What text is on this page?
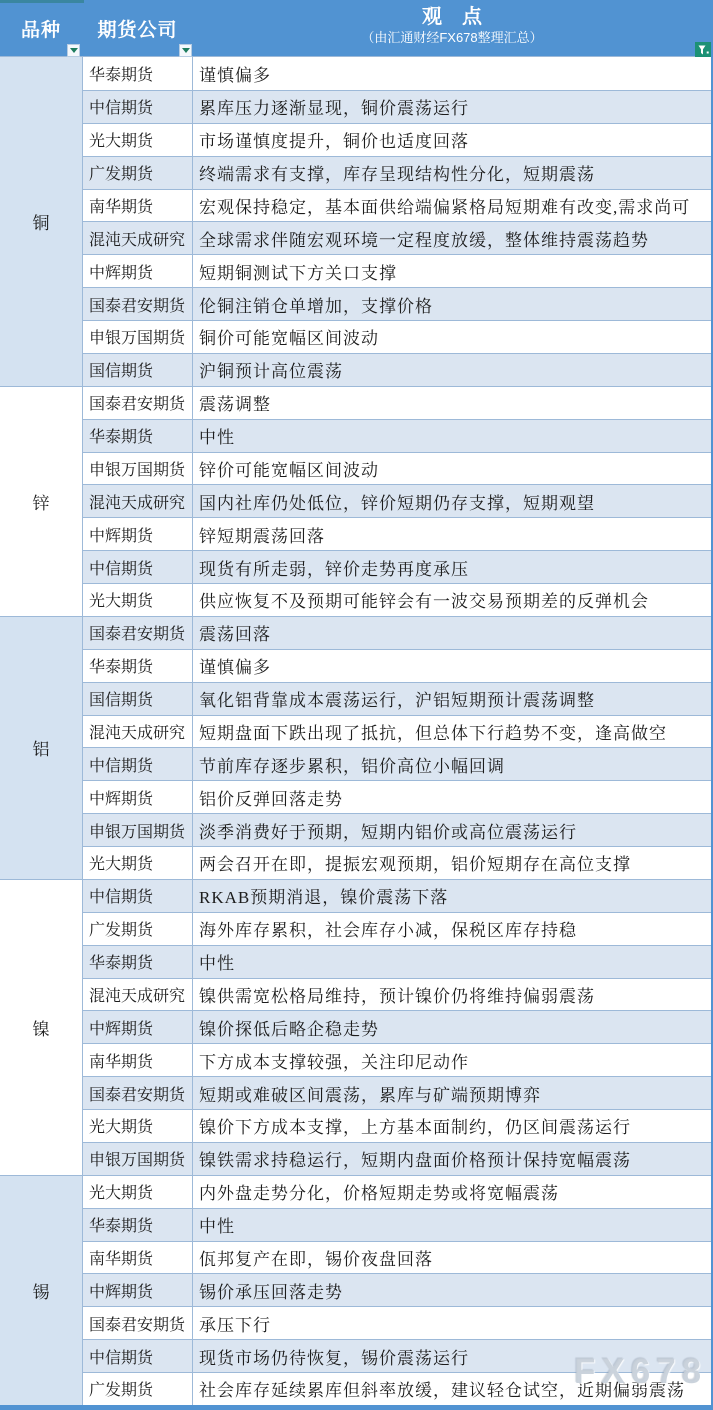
品种 期货公司
观　点
（由汇通财经FX678整理汇总）
铜
华泰期货	谨慎偏多
中信期货	累库压力逐渐显现，铜价震荡运行
光大期货	市场谨慎度提升，铜价也适度回落
广发期货	终端需求有支撑，库存呈现结构性分化，短期震荡
南华期货	宏观保持稳定，基本面供给端偏紧格局短期难有改变,需求尚可
混沌天成研究 全球需求伴随宏观环境一定程度放缓，整体维持震荡趋势
中辉期货	短期铜测试下方关口支撑
国泰君安期货 伦铜注销仓单增加，支撑价格
申银万国期货 铜价可能宽幅区间波动
国信期货	沪铜预计高位震荡
锌
国泰君安期货 震荡调整
华泰期货	中性
申银万国期货 锌价可能宽幅区间波动
混沌天成研究 国内社库仍处低位，锌价短期仍存支撑，短期观望
中辉期货	锌短期震荡回落
中信期货	现货有所走弱，锌价走势再度承压
光大期货	供应恢复不及预期可能锌会有一波交易预期差的反弹机会
铝
国泰君安期货 震荡回落
华泰期货	谨慎偏多
国信期货	氧化铝背靠成本震荡运行，沪铝短期预计震荡调整
混沌天成研究 短期盘面下跌出现了抵抗，但总体下行趋势不变，逢高做空
中信期货	节前库存逐步累积，铝价高位小幅回调
中辉期货	铝价反弹回落走势
申银万国期货 淡季消费好于预期，短期内铝价或高位震荡运行
光大期货	两会召开在即，提振宏观预期，铝价短期存在高位支撑
镍
中信期货	RKAB预期消退，镍价震荡下落
广发期货	海外库存累积，社会库存小减，保税区库存持稳
华泰期货	中性
混沌天成研究 镍供需宽松格局维持，预计镍价仍将维持偏弱震荡
中辉期货	镍价探低后略企稳走势
南华期货	下方成本支撑较强，关注印尼动作
国泰君安期货 短期或难破区间震荡，累库与矿端预期博弈
光大期货	镍价下方成本支撑，上方基本面制约，仍区间震荡运行
申银万国期货 镍铁需求持稳运行，短期内盘面价格预计保持宽幅震荡
锡
光大期货	内外盘走势分化，价格短期走势或将宽幅震荡
华泰期货	中性
南华期货	佤邦复产在即，锡价夜盘回落
中辉期货	锡价承压回落走势
国泰君安期货 承压下行
中信期货	现货市场仍待恢复，锡价震荡运行
广发期货	社会库存延续累库但斜率放缓，建议轻仓试空，近期偏弱震荡
FX678
